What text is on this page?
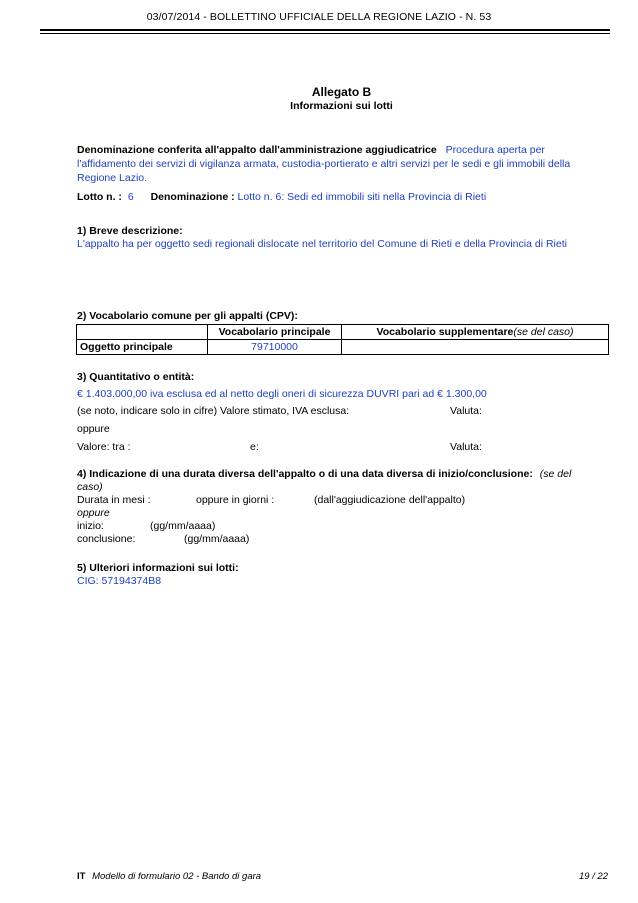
03/07/2014 - BOLLETTINO UFFICIALE DELLA REGIONE LAZIO - N. 53
Allegato B
Informazioni sui lotti
Denominazione conferita all'appalto dall'amministrazione aggiudicatrice Procedura aperta per
l'affidamento dei servizi di vigilanza armata, custodia-portierato e altri servizi per le sedi e gli immobili della
Regione Lazio.
Lotto n. : 6 Denominazione : Lotto n. 6: Sedi ed immobili siti nella Provincia di Rieti
1) Breve descrizione:
L'appalto ha per oggetto sedi regionali dislocate nel territorio del Comune di Rieti e della Provincia di Rieti
2) Vocabolario comune per gli appalti (CPV):
	Vocabolario principale	Vocabolario supplementare(se del caso)
Oggetto principale	79710000	
3) Quantitativo o entità:
€ 1.403.000,00 iva esclusa ed al netto degli oneri di sicurezza DUVRI pari ad € 1.300,00
(se noto, indicare solo in cifre) Valore stimato, IVA esclusa:	Valuta:
oppure
Valore: tra :	e:	Valuta:
4) Indicazione di una durata diversa dell'appalto o di una data diversa di inizio/conclusione: (se del
caso)
Durata in mesi :	oppure in giorni :	(dall'aggiudicazione dell'appalto)
oppure
inizio:	(gg/mm/aaaa)
conclusione:	(gg/mm/aaaa)
5) Ulteriori informazioni sui lotti:
CIG: 57194374B8
IT Modello di formulario 02 - Bando di gara	19 / 22
